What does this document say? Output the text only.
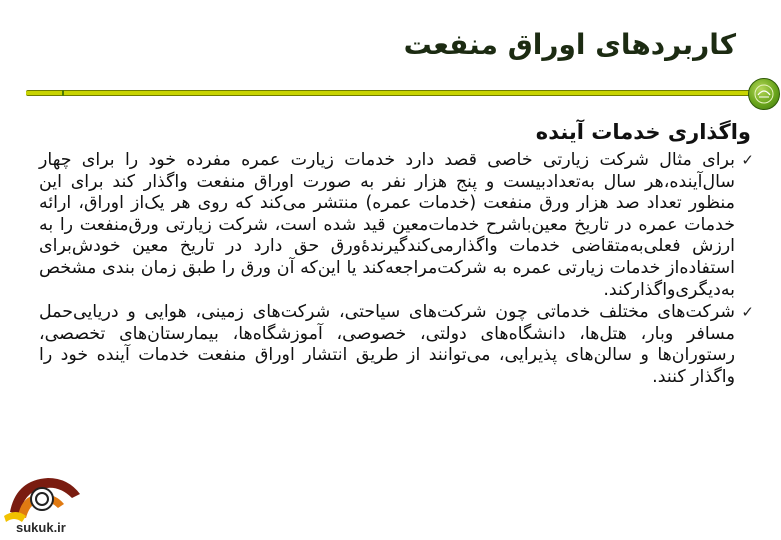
کاربردهای اوراق منفعت
واگذاری خدمات آینده
✓
برای مثال شرکت زیارتی خاصی قصد دارد خدمات زیارت عمره مفرده خود را برای چهار سال‌آینده،‌هر سال به‌تعداد‌بیست و پنج هزار نفر به صورت اوراق منفعت واگذار کند برای این منظور تعداد صد هزار ورق منفعت (خدمات عمره) منتشر می‌کند که روی هر یک‌از اوراق، ارائه خدمات عمره در تاریخ معین‌با‌شرح خدمات‌معین قید شده است، شرکت زیارتی ورق‌منفعت را به ارزش فعلی‌به‌متقاضی خدمات واگذار‌می‌کند‌گیرندهٔ‌ورق حق دارد در تاریخ معین خودش‌برای استفاده‌از خدمات زیارتی عمره به شرکت‌مراجعه‌کند یا این‌که آن ورق را طبق زمان بندی مشخص به‌دیگری‌واگذارکند.
✓
شرکت‌های مختلف خدماتی چون شرکت‌های سیاحتی، شرکت‌های زمینی، هوایی و دریایی‌حمل مسافر و‌بار، هتل‌ها، دانشگاه‌های دولتی، خصوصی، آموزشگاه‌ها، بیمارستان‌های تخصصی، رستوران‌ها و سالن‌های پذیرایی، می‌توانند از طریق انتشار اوراق منفعت خدمات آینده خود را واگذار کنند.
sukuk.ir
